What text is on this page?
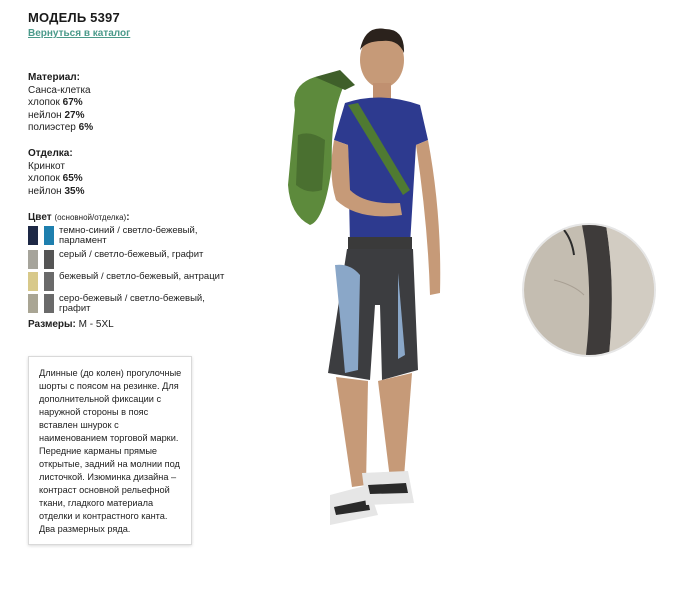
МОДЕЛЬ 5397
Вернуться в каталог
Материал:
Санса-клетка
хлопок 67%
нейлон 27%
полиэстер 6%
Отделка:
Кринкот
хлопок 65%
нейлон 35%
Цвет (основной/отделка):
темно-синий / светло-бежевый, парламент
серый / светло-бежевый, графит
бежевый / светло-бежевый, антрацит
серо-бежевый / светло-бежевый, графит
Размеры: М - 5XL
Длинные (до колен) прогулочные шорты с поясом на резинке. Для дополнительной фиксации с наружной стороны в пояс вставлен шнурок с наименованием торговой марки. Передние карманы прямые открытые, задний на молнии под листочкой. Изюминка дизайна – контраст основной рельефной ткани, гладкого материала отделки и контрастного канта. Два размерных ряда.
